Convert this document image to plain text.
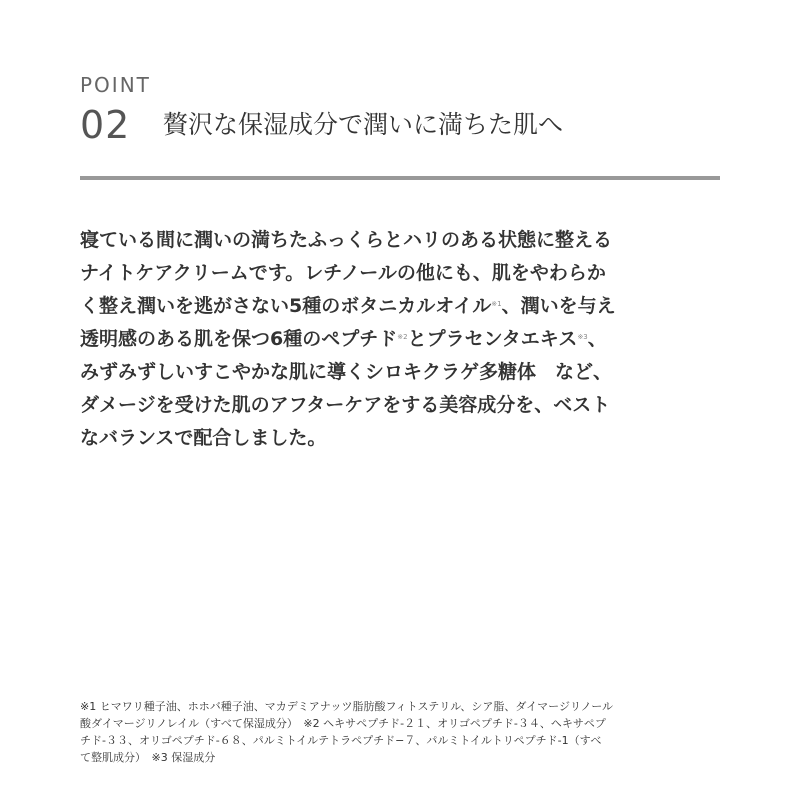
POINT
02 贅沢な保湿成分で潤いに満ちた肌へ
寝ている間に潤いの満ちたふっくらとハリのある状態に整える
ナイトケアクリームです。レチノールの他にも、肌をやわらか
く整え潤いを逃がさない5種のボタニカルオイル$^{※1}$、潤いを与え
透明感のある肌を保つ6種のペプチド$^{※2}$とプラセンタエキス$^{※3}$、
みずみずしいすこやかな肌に導くシロキクラゲ多糖体　など、
ダメージを受けた肌のアフターケアをする美容成分を、ベスト
なバランスで配合しました。
※1 ヒマワリ種子油、ホホバ種子油、マカデミアナッツ脂肪酸フィトステリル、シア脂、ダイマージリノール
酸ダイマージリノレイル（すべて保湿成分）　※2 ヘキサペプチド-２１、オリゴペプチド-３４、ヘキサペプ
チド‐３３、オリゴペプチド‐６８、パルミトイルテトラペプチド−７、パルミトイルトリペプチド-1（すべ
て整肌成分）　※3 保湿成分
